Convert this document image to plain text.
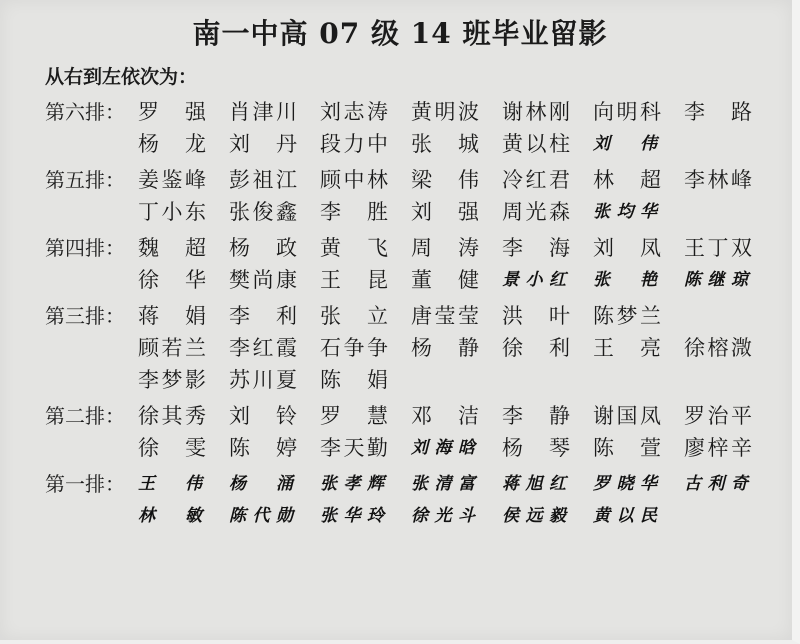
南一中高 07 级 14 班毕业留影
从右到左依次为：
第六排： 罗 强 肖津川 刘志涛 黄明波 谢林刚 向明科 李 路
杨 龙 刘 丹 段力中 张 城 黄以柱 刘 伟
第五排： 姜鉴峰 彭祖江 顾中林 梁 伟 冷红君 林 超 李林峰
丁小东 张俊鑫 李 胜 刘 强 周光森 张均华
第四排： 魏 超 杨 政 黄 飞 周 涛 李 海 刘 凤 王丁双
徐 华 樊尚康 王 昆 董 健 景小红 张 艳 陈继琼
第三排： 蒋 娟 李 利 张 立 唐莹莹 洪 叶 陈梦兰
顾若兰 李红霞 石争争 杨 静 徐 利 王 亮 徐榕溦
李梦影 苏川夏 陈 娟
第二排： 徐其秀 刘 铃 罗 慧 邓 洁 李 静 谢国凤 罗治平
徐 雯 陈 婷 李天勤 刘海晗 杨 琴 陈 萱 廖梓辛
第一排： 王 伟 杨 涌 张孝辉 张清富 蒋旭红 罗晓华 古利奇
林 敏 陈代勋 张华玲 徐光斗 侯远毅 黄以民
